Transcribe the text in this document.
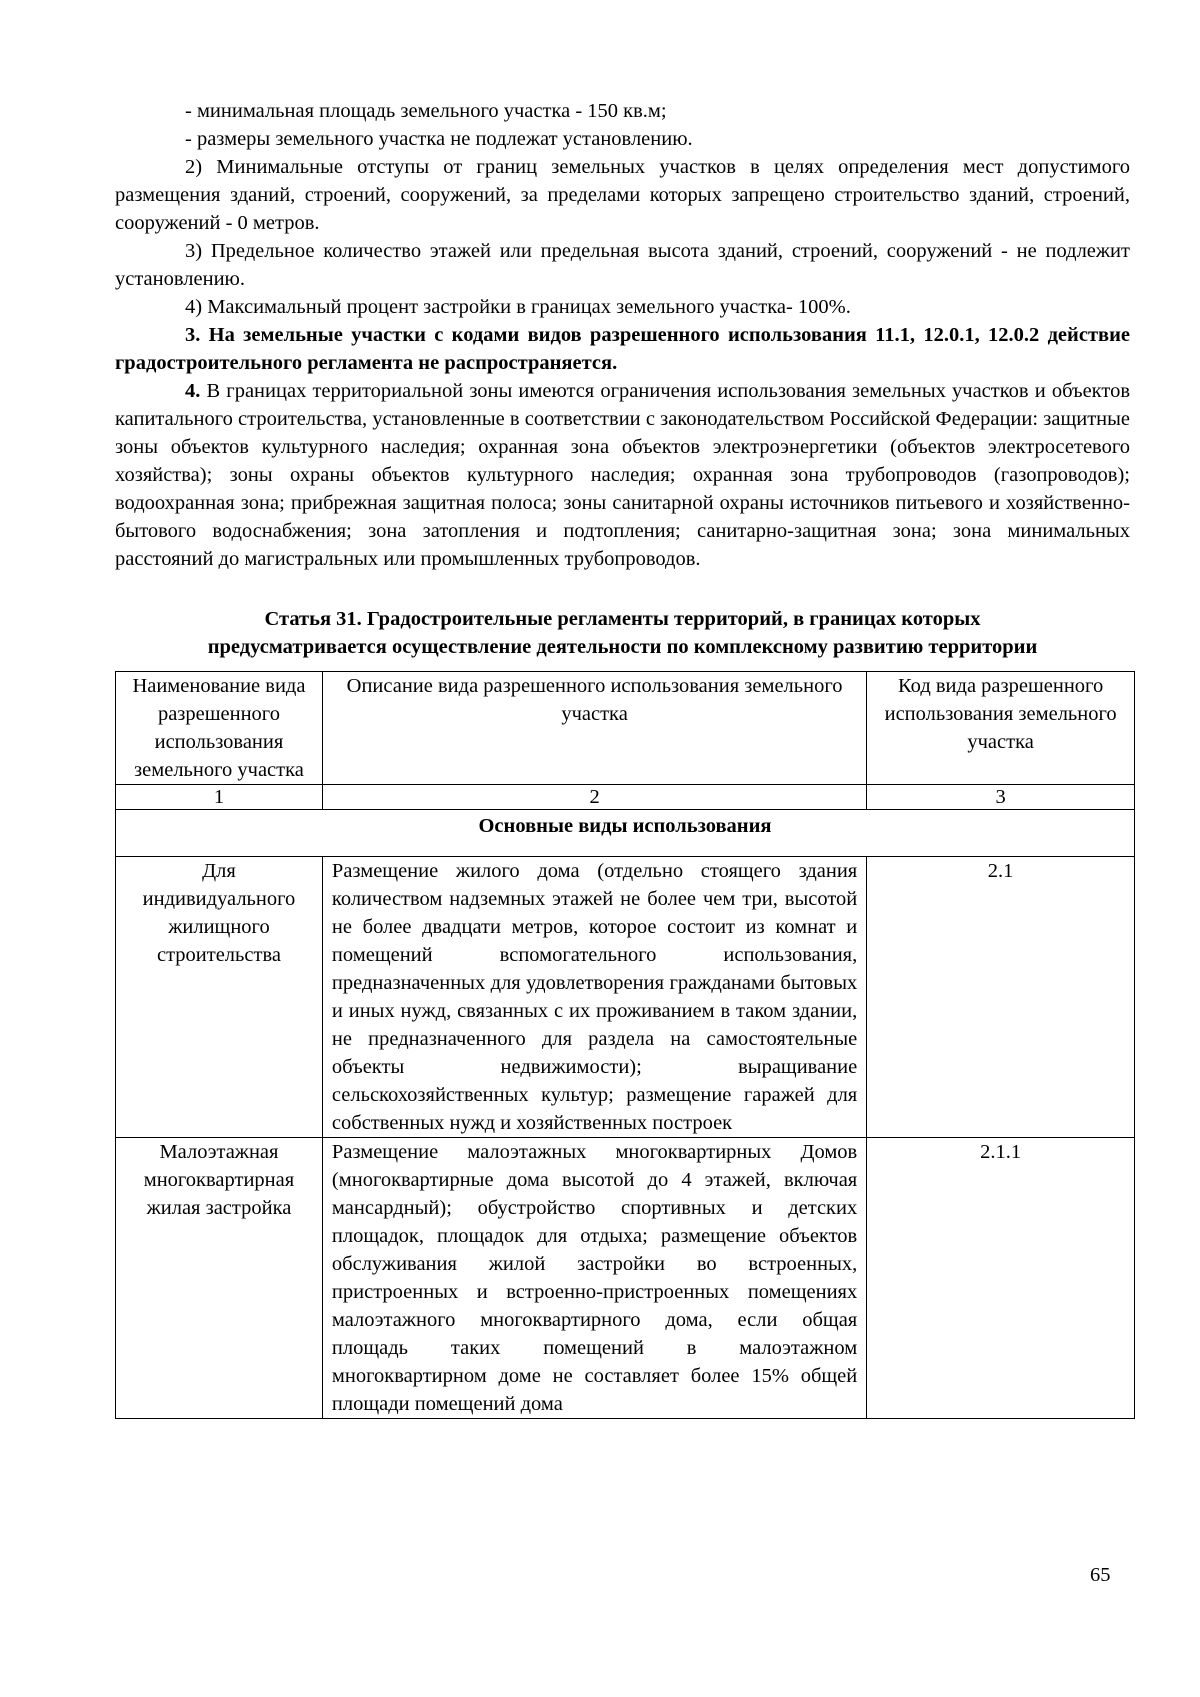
- минимальная площадь земельного участка - 150 кв.м;

- размеры земельного участка не подлежат установлению.

2) Минимальные отступы от границ земельных участков в целях определения мест допустимого размещения зданий, строений, сооружений, за пределами которых запрещено строительство зданий, строений, сооружений - 0 метров.

3) Предельное количество этажей или предельная высота зданий, строений, сооружений - не подлежит установлению.

4) Максимальный процент застройки в границах земельного участка- 100%.

3. На земельные участки с кодами видов разрешенного использования 11.1, 12.0.1, 12.0.2 действие градостроительного регламента не распространяется.

4. В границах территориальной зоны имеются ограничения использования земельных участков и объектов капитального строительства, установленные в соответствии с законодательством Российской Федерации: защитные зоны объектов культурного наследия; охранная зона объектов электроэнергетики (объектов электросетевого хозяйства); зоны охраны объектов культурного наследия; охранная зона трубопроводов (газопроводов); водоохранная зона; прибрежная защитная полоса; зоны санитарной охраны источников питьевого и хозяйственно-бытового водоснабжения; зона затопления и подтопления; санитарно-защитная зона; зона минимальных расстояний до магистральных или промышленных трубопроводов.

Статья 31. Градостроительные регламенты территорий, в границах которых
предусматривается осуществление деятельности по комплексному развитию территории
Наименование вида разрешенного использования земельного участка	Описание вида разрешенного использования земельного участка	Код вида разрешенного использования земельного участка
1	2	3
Основные виды использования		
Для индивидуального жилищного строительства	Размещение жилого дома (отдельно стоящего здания количеством надземных этажей не более чем три, высотой не более двадцати метров, которое состоит из комнат и помещений вспомогательного использования, предназначенных для удовлетворения гражданами бытовых и иных нужд, связанных с их проживанием в таком здании, не предназначенного для раздела на самостоятельные объекты недвижимости); выращивание сельскохозяйственных культур; размещение гаражей для собственных нужд и хозяйственных построек	2.1
Малоэтажная многоквартирная жилая застройка	Размещение малоэтажных многоквартирных Домов (многоквартирные дома высотой до 4 этажей, включая мансардный); обустройство спортивных и детских площадок, площадок для отдыха; размещение объектов обслуживания жилой застройки во встроенных, пристроенных и встроенно-пристроенных помещениях малоэтажного многоквартирного дома, если общая площадь таких помещений в малоэтажном многоквартирном доме не составляет более 15% общей площади помещений дома	2.1.1
65
